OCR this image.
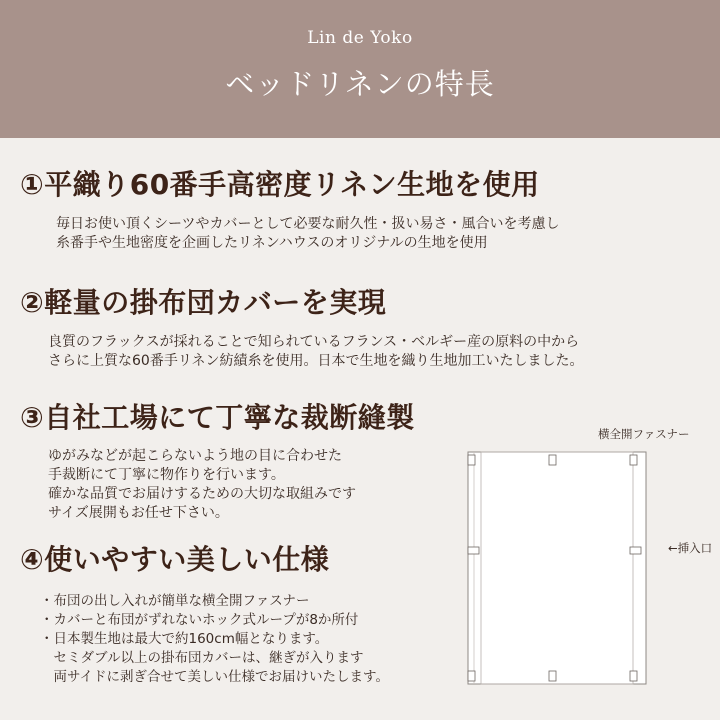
Lin de Yoko
ベッドリネンの特長
①平織り60番手高密度リネン生地を使用
毎日お使い頂くシーツやカバーとして必要な耐久性・扱い易さ・風合いを考慮し
糸番手や生地密度を企画したリネンハウスのオリジナルの生地を使用
②軽量の掛布団カバーを実現
良質のフラックスが採れることで知られているフランス・ベルギー産の原料の中から
さらに上質な60番手リネン紡績糸を使用。日本で生地を織り生地加工いたしました。
③自社工場にて丁寧な裁断縫製
ゆがみなどが起こらないよう地の目に合わせた
手裁断にて丁寧に物作りを行います。
確かな品質でお届けするための大切な取組みです
サイズ展開もお任せ下さい。
④使いやすい美しい仕様
・布団の出し入れが簡単な横全開ファスナー
・カバーと布団がずれないホック式ループが8か所付
・日本製生地は最大で約160cm幅となります。
　セミダブル以上の掛布団カバーは、継ぎが入ります
　両サイドに剥ぎ合せて美しい仕様でお届けいたします。
横全開ファスナー
←挿入口
